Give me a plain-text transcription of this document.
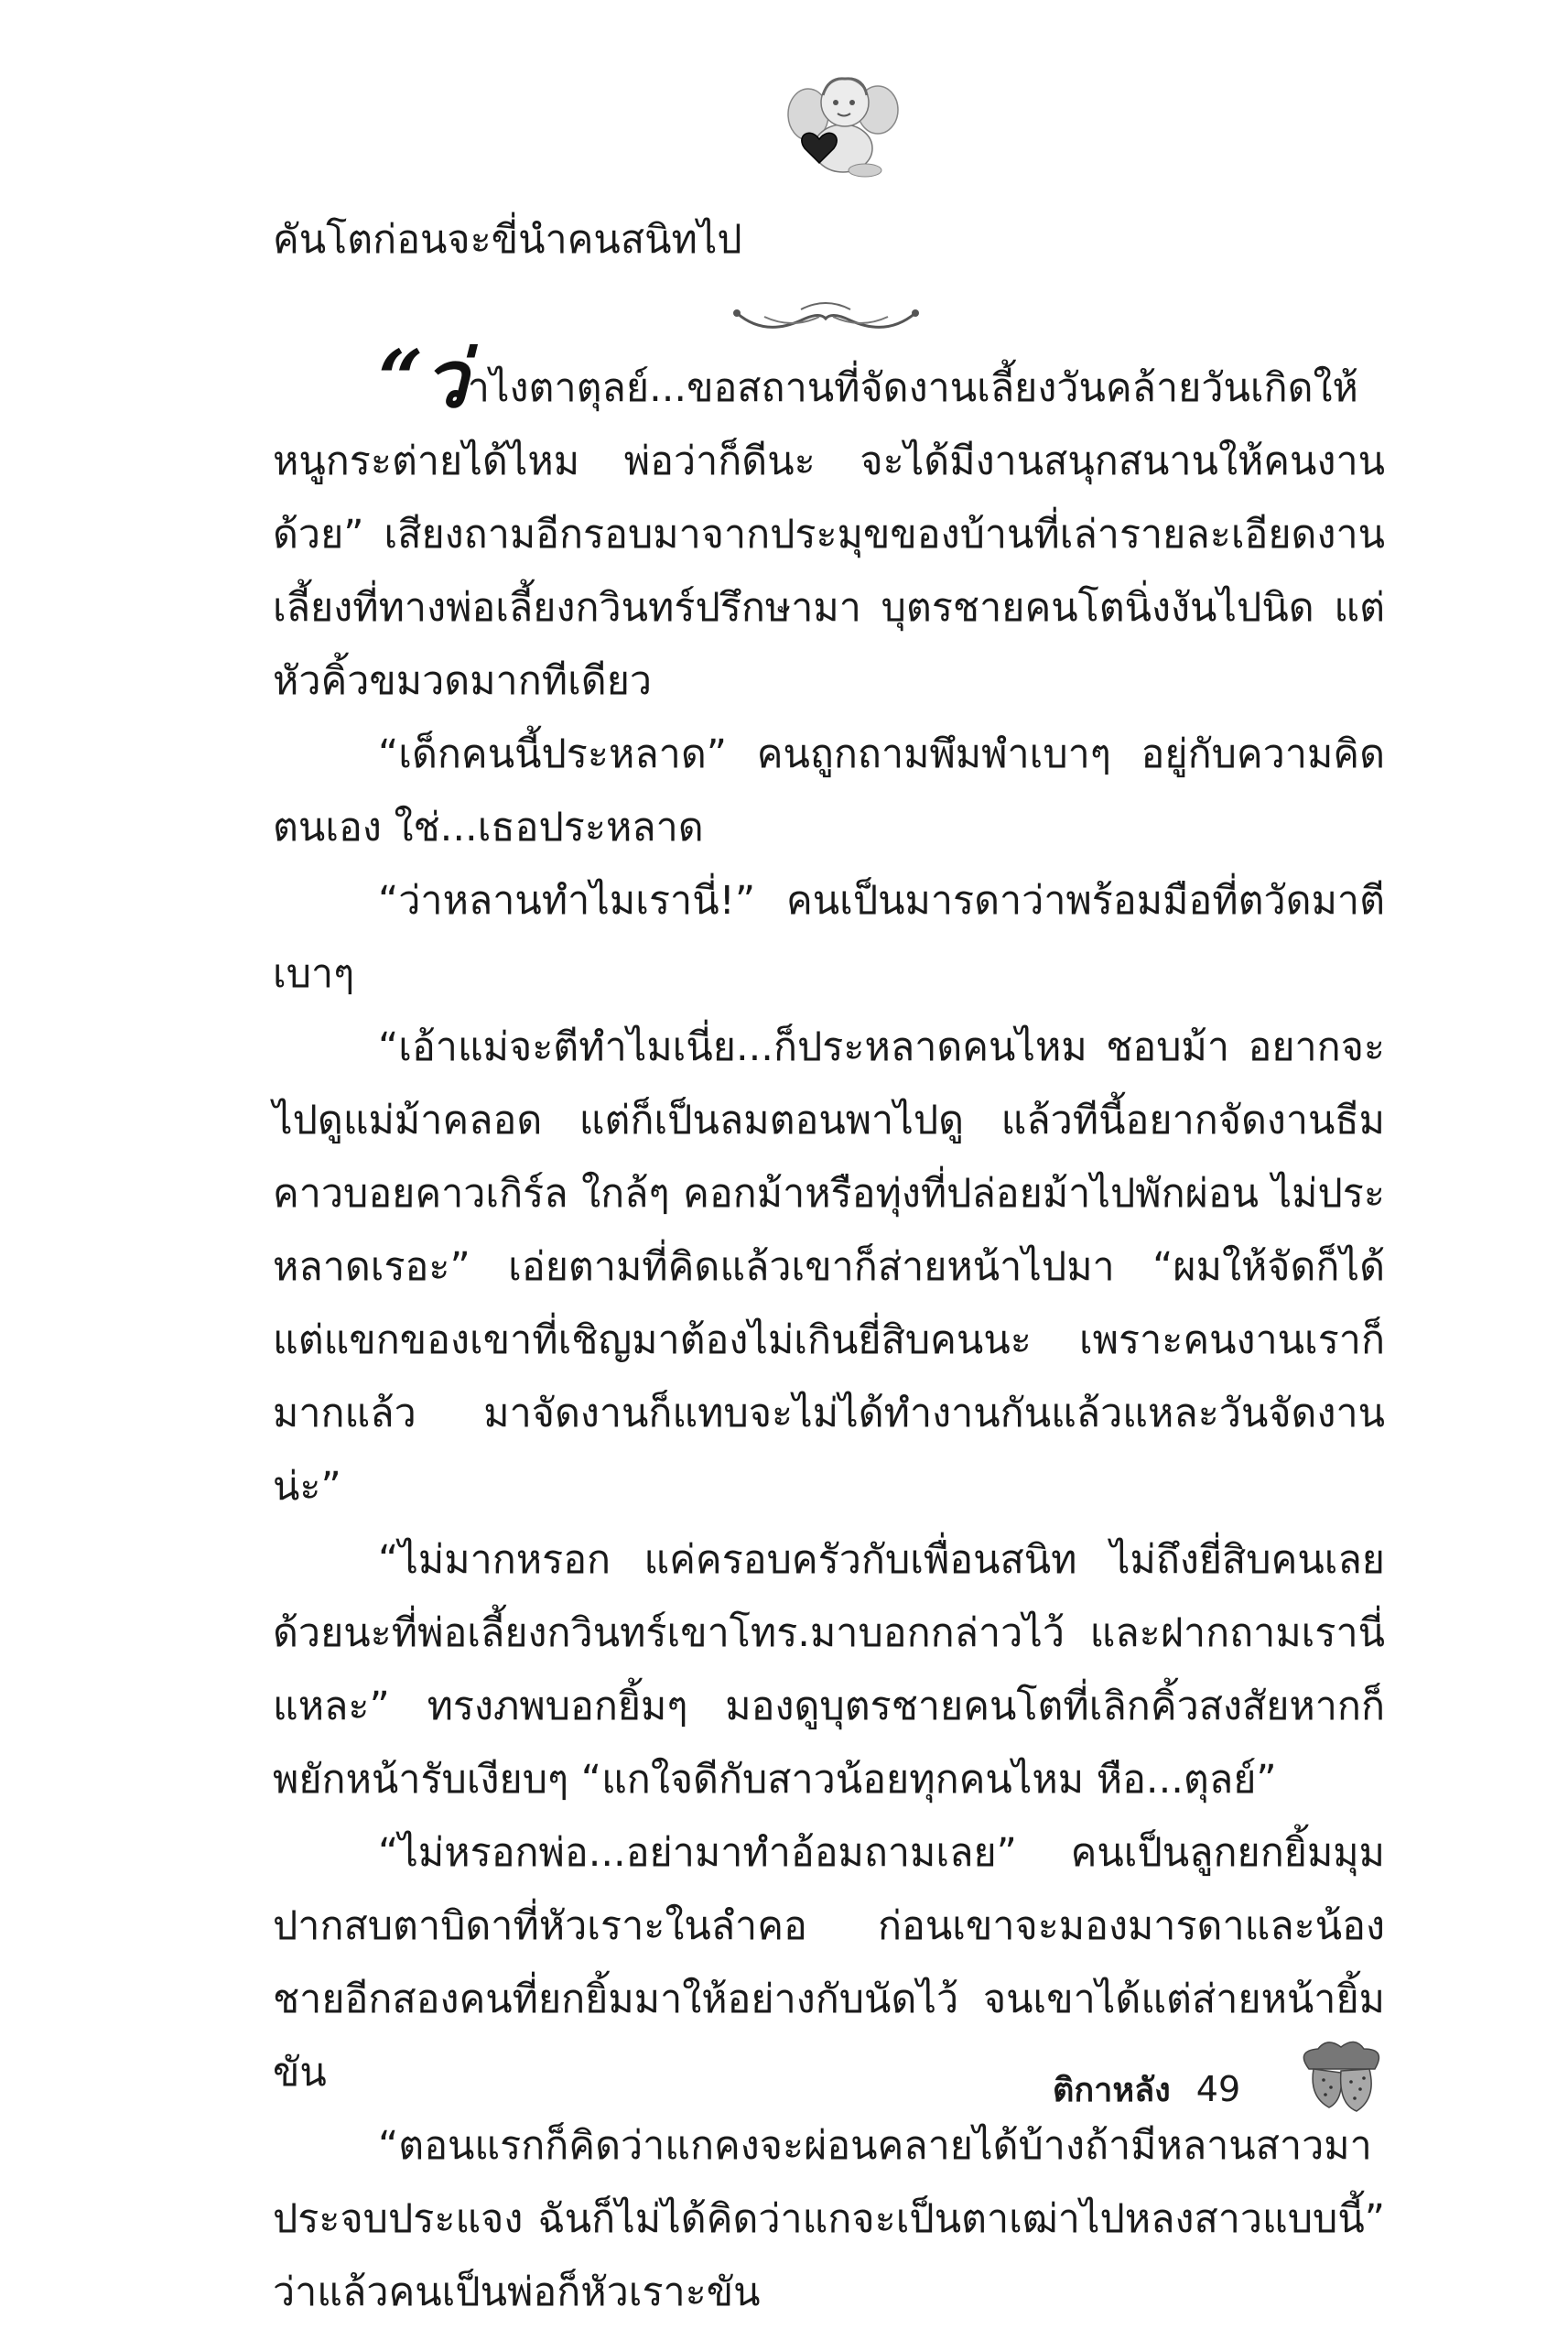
คันโตก่อนจะขี่นำคนสนิทไป

“ว่าไงตาตุลย์...ขอสถานที่จัดงานเลี้ยงวันคล้ายวันเกิดให้หนูกระต่ายได้ไหม พ่อว่าก็ดีนะ จะได้มีงานสนุกสนานให้คนงานด้วย” เสียงถามอีกรอบมาจากประมุขของบ้านที่เล่ารายละเอียดงานเลี้ยงที่ทางพ่อเลี้ยงกวินทร์ปรึกษามา บุตรชายคนโตนิ่งงันไปนิด แต่หัวคิ้วขมวดมากทีเดียว

“เด็กคนนี้ประหลาด” คนถูกถามพึมพำเบาๆ อยู่กับความคิดตนเอง ใช่...เธอประหลาด

“ว่าหลานทำไมเรานี่!” คนเป็นมารดาว่าพร้อมมือที่ตวัดมาตีเบาๆ

“เอ้าแม่จะตีทำไมเนี่ย...ก็ประหลาดคนไหม ชอบม้า อยากจะไปดูแม่ม้าคลอด แต่ก็เป็นลมตอนพาไปดู แล้วทีนี้อยากจัดงานธีมคาวบอยคาวเกิร์ล ใกล้ๆ คอกม้าหรือทุ่งที่ปล่อยม้าไปพักผ่อน ไม่ประหลาดเรอะ” เอ่ยตามที่คิดแล้วเขาก็ส่ายหน้าไปมา “ผมให้จัดก็ได้ แต่แขกของเขาที่เชิญมาต้องไม่เกินยี่สิบคนนะ เพราะคนงานเราก็มากแล้ว มาจัดงานก็แทบจะไม่ได้ทำงานกันแล้วแหละวันจัดงานน่ะ”

“ไม่มากหรอก แค่ครอบครัวกับเพื่อนสนิท ไม่ถึงยี่สิบคนเลยด้วยนะที่พ่อเลี้ยงกวินทร์เขาโทร.มาบอกกล่าวไว้ และฝากถามเรานี่แหละ” ทรงภพบอกยิ้มๆ มองดูบุตรชายคนโตที่เลิกคิ้วสงสัยหากก็พยักหน้ารับเงียบๆ “แกใจดีกับสาวน้อยทุกคนไหม หือ...ตุลย์”

“ไม่หรอกพ่อ...อย่ามาทำอ้อมถามเลย” คนเป็นลูกยกยิ้มมุมปากสบตาบิดาที่หัวเราะในลำคอ ก่อนเขาจะมองมารดาและน้องชายอีกสองคนที่ยกยิ้มมาให้อย่างกับนัดไว้ จนเขาได้แต่ส่ายหน้ายิ้มขัน

“ตอนแรกก็คิดว่าแกคงจะผ่อนคลายได้บ้างถ้ามีหลานสาวมาประจบประแจง ฉันก็ไม่ได้คิดว่าแกจะเป็นตาเฒ่าไปหลงสาวแบบนี้” ว่าแล้วคนเป็นพ่อก็หัวเราะขัน

ติกาหลัง 49
